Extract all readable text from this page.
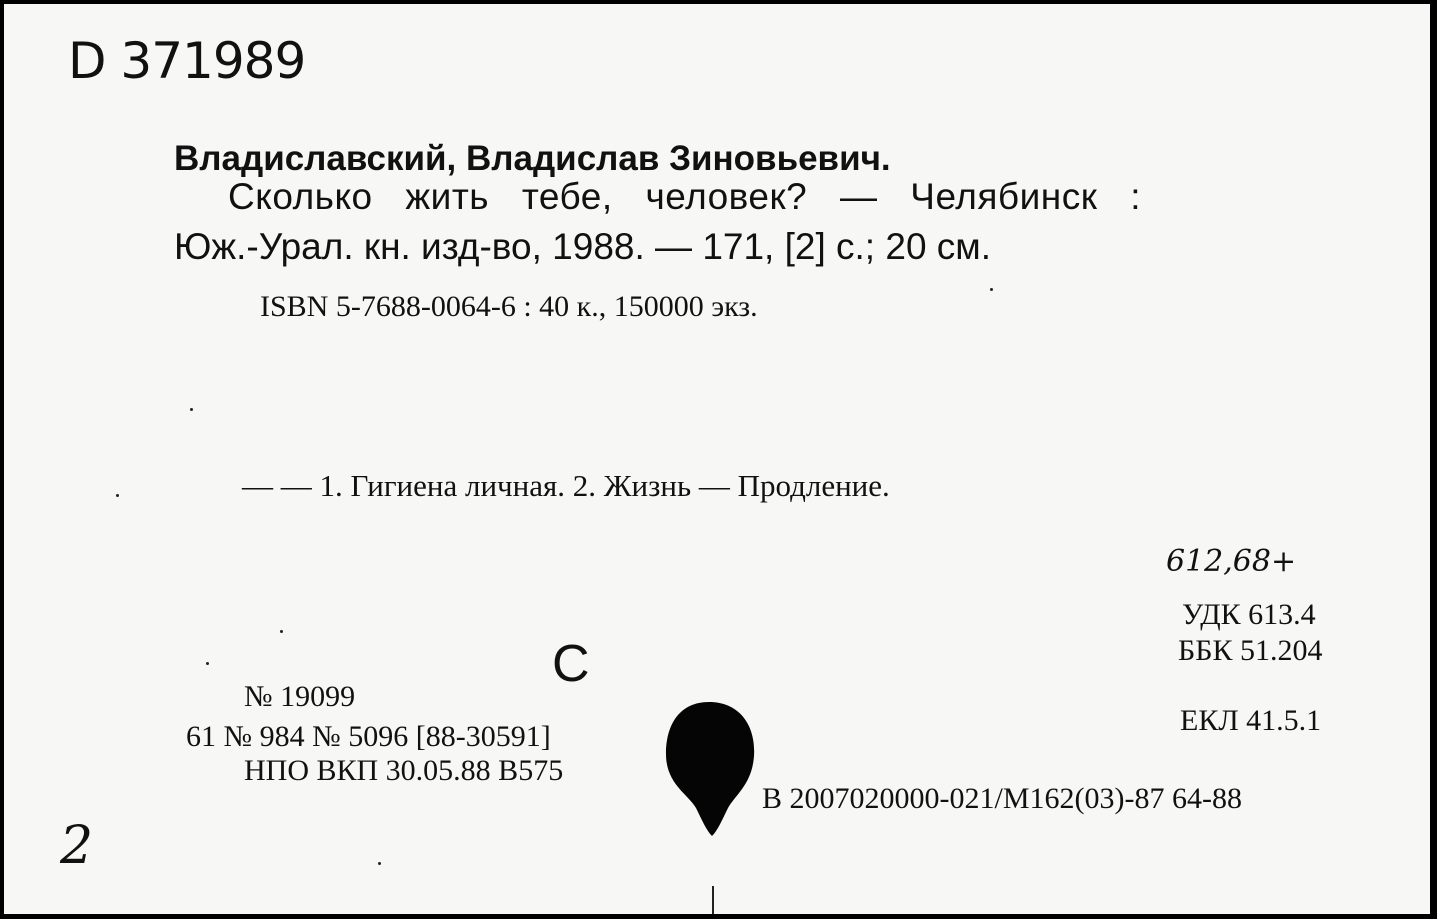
D 371989
Владиславский, Владислав Зиновьевич.
Сколько жить тебе, человек? — Челябинск :
Юж.-Урал. кн. изд-во, 1988. — 171, [2] с.; 20 см.
ISBN 5-7688-0064-6 : 40 к., 150000 экз.
— — 1. Гигиена личная. 2. Жизнь — Продление.
612,68+
УДК 613.4
ББК 51.204
С
№ 19099
61 № 984 № 5096 [88-30591]
НПО ВКП 30.05.88 В575
ЕКЛ 41.5.1
В 2007020000-021/М162(03)-87 64-88
2
